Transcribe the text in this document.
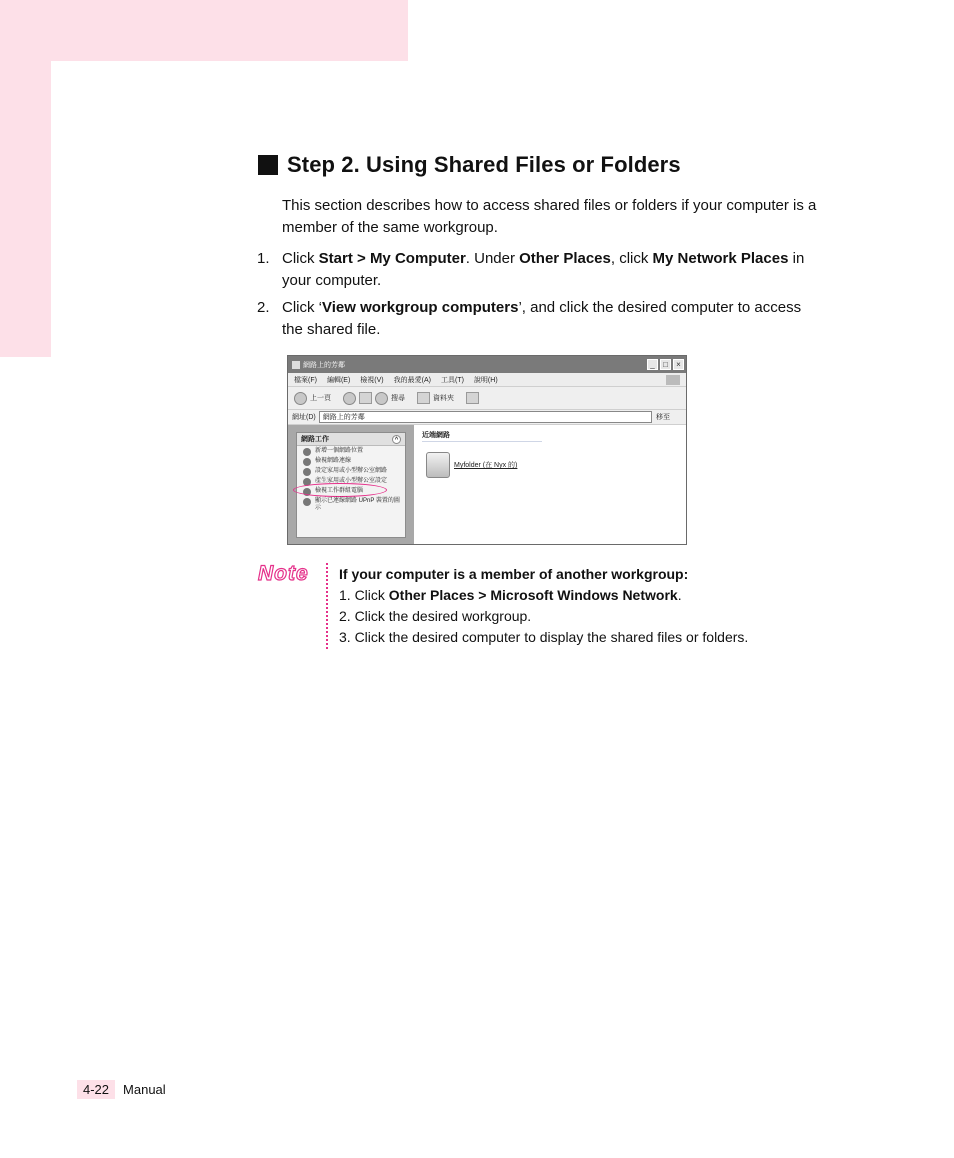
Step 2. Using Shared Files or Folders
This section describes how to access shared files or folders if your computer is a member of the same workgroup.
1. Click Start > My Computer. Under Other Places, click My Network Places in your computer.
2. Click ‘View workgroup computers’, and click the desired computer to access the shared file.
網路上的芳鄰	_	□	×
檔案(F) 編輯(E) 檢視(V) 我的最愛(A) 工具(T) 說明(H)
上一頁	搜尋	資料夾
網址(D)	網路上的芳鄰	移至
網路工作	^
新增一個網路位置
檢視網路連線
設定家用或小型辦公室網路
產生家用或小型辦公室設定
檢視工作群組電腦
顯示已連線網路 UPnP 裝置的圖示
近端網路
Myfolder (在 Nyx 的)
Note If your computer is a member of another workgroup:
1. Click Other Places > Microsoft Windows Network.
2. Click the desired workgroup.
3. Click the desired computer to display the shared files or folders.
4-22	Manual
